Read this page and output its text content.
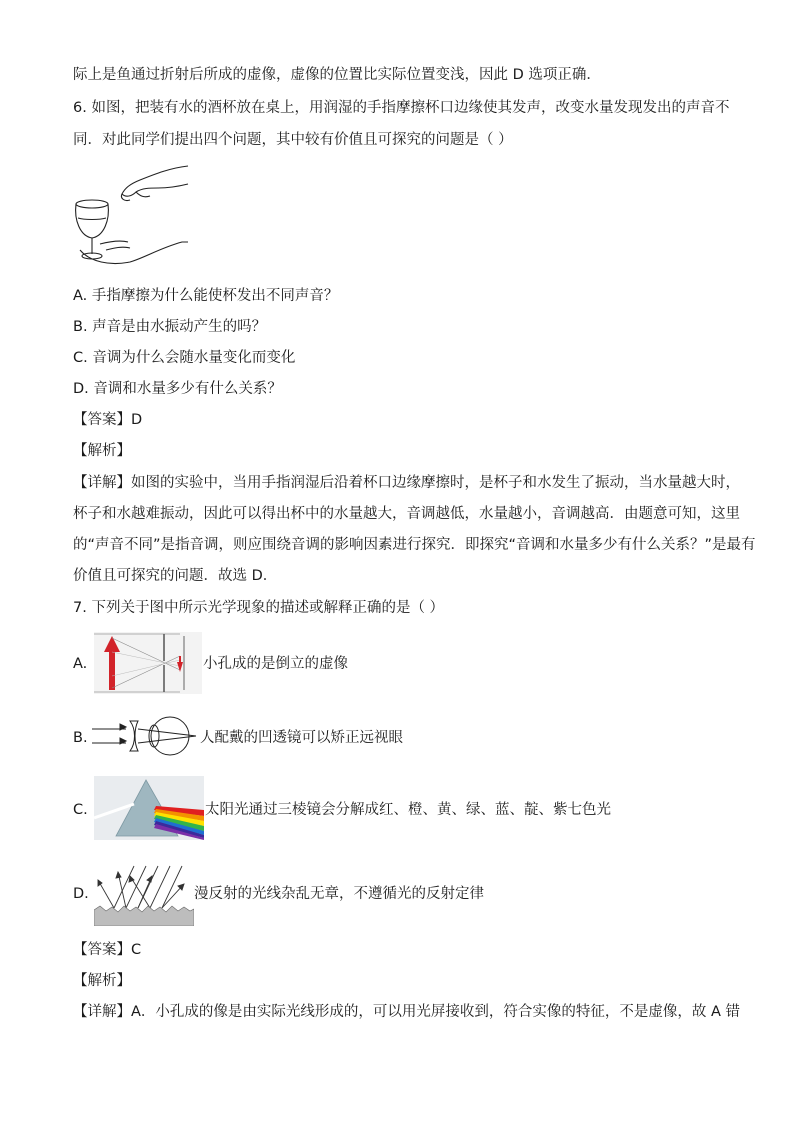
际上是鱼通过折射后所成的虚像，虚像的位置比实际位置变浅，因此 D 选项正确．
6. 如图，把装有水的酒杯放在桌上，用润湿的手指摩擦杯口边缘使其发声，改变水量发现发出的声音不
同．对此同学们提出四个问题，其中较有价值且可探究的问题是（ ）
A. 手指摩擦为什么能使杯发出不同声音？
B. 声音是由水振动产生的吗？
C. 音调为什么会随水量变化而变化
D. 音调和水量多少有什么关系？
【答案】D
【解析】
【详解】如图的实验中，当用手指润湿后沿着杯口边缘摩擦时，是杯子和水发生了振动，当水量越大时，
杯子和水越难振动，因此可以得出杯中的水量越大，音调越低，水量越小，音调越高．由题意可知，这里
的“声音不同”是指音调，则应围绕音调的影响因素进行探究．即探究“音调和水量多少有什么关系？”是最有
价值且可探究的问题．故选 D．
7. 下列关于图中所示光学现象的描述或解释正确的是（ ）
A.	小孔成的是倒立的虚像
B.	人配戴的凹透镜可以矫正远视眼
C.	太阳光通过三棱镜会分解成红、橙、黄、绿、蓝、靛、紫七色光
D.	漫反射的光线杂乱无章，不遵循光的反射定律
【答案】C
【解析】
【详解】A．小孔成的像是由实际光线形成的，可以用光屏接收到，符合实像的特征，不是虚像，故 A 错
